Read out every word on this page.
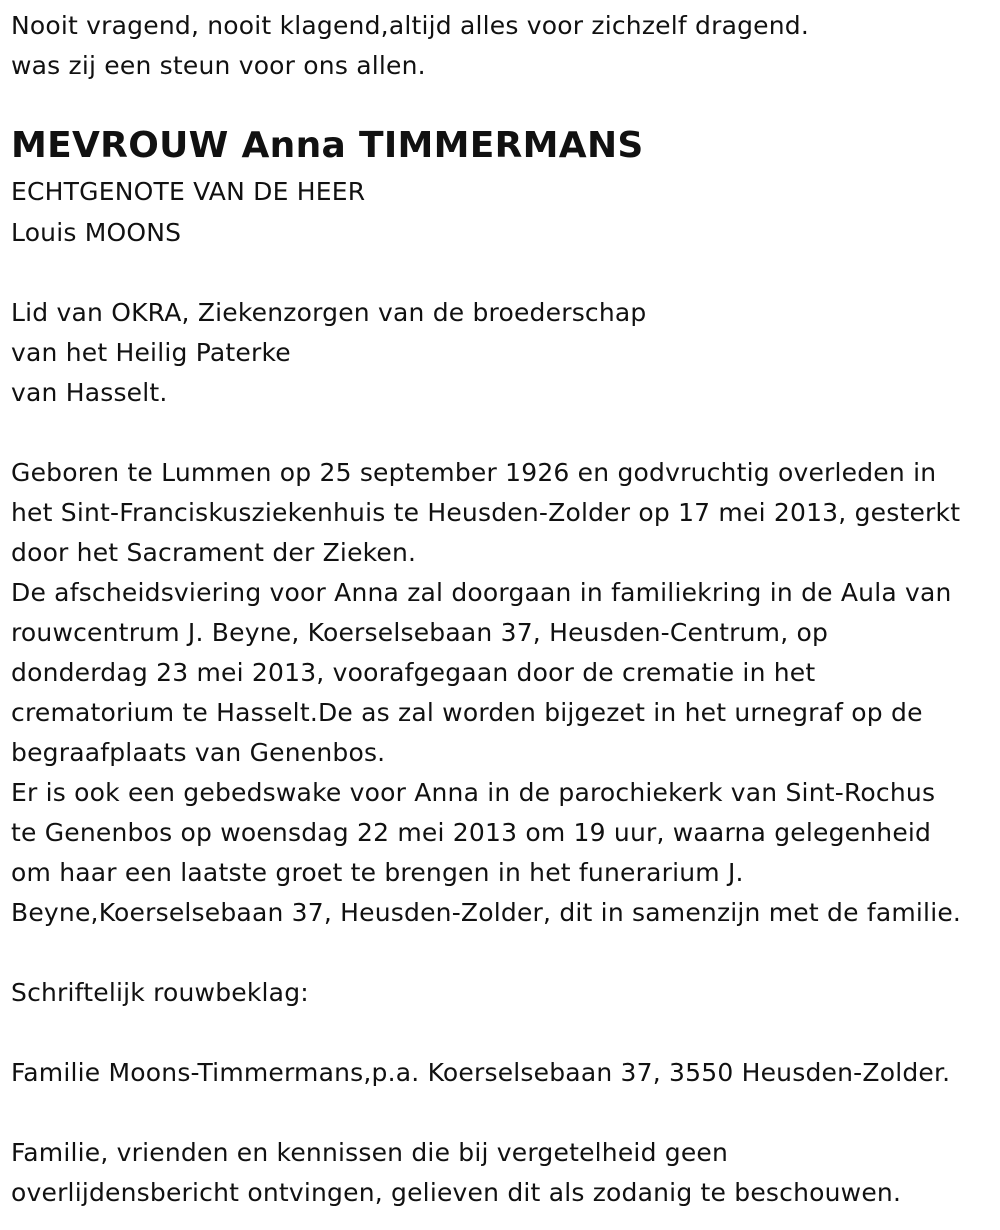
Nooit vragend, nooit klagend,altijd alles voor zichzelf dragend.
was zij een steun voor ons allen.
MEVROUW Anna TIMMERMANS
ECHTGENOTE VAN DE HEER
Louis MOONS
Lid van OKRA, Ziekenzorgen van de broederschap
van het Heilig Paterke
van Hasselt.
Geboren te Lummen op 25 september 1926 en godvruchtig overleden in
het Sint-Franciskusziekenhuis te Heusden-Zolder op 17 mei 2013, gesterkt
door het Sacrament der Zieken.
De afscheidsviering voor Anna zal doorgaan in familiekring in de Aula van
rouwcentrum J. Beyne, Koerselsebaan 37, Heusden-Centrum, op
donderdag 23 mei 2013, voorafgegaan door de crematie in het
crematorium te Hasselt.De as zal worden bijgezet in het urnegraf op de
begraafplaats van Genenbos.
Er is ook een gebedswake voor Anna in de parochiekerk van Sint-Rochus
te Genenbos op woensdag 22 mei 2013 om 19 uur, waarna gelegenheid
om haar een laatste groet te brengen in het funerarium J.
Beyne,Koerselsebaan 37, Heusden-Zolder, dit in samenzijn met de familie.
Schriftelijk rouwbeklag:
Familie Moons-Timmermans,p.a. Koerselsebaan 37, 3550 Heusden-Zolder.
Familie, vrienden en kennissen die bij vergetelheid geen
overlijdensbericht ontvingen, gelieven dit als zodanig te beschouwen.
